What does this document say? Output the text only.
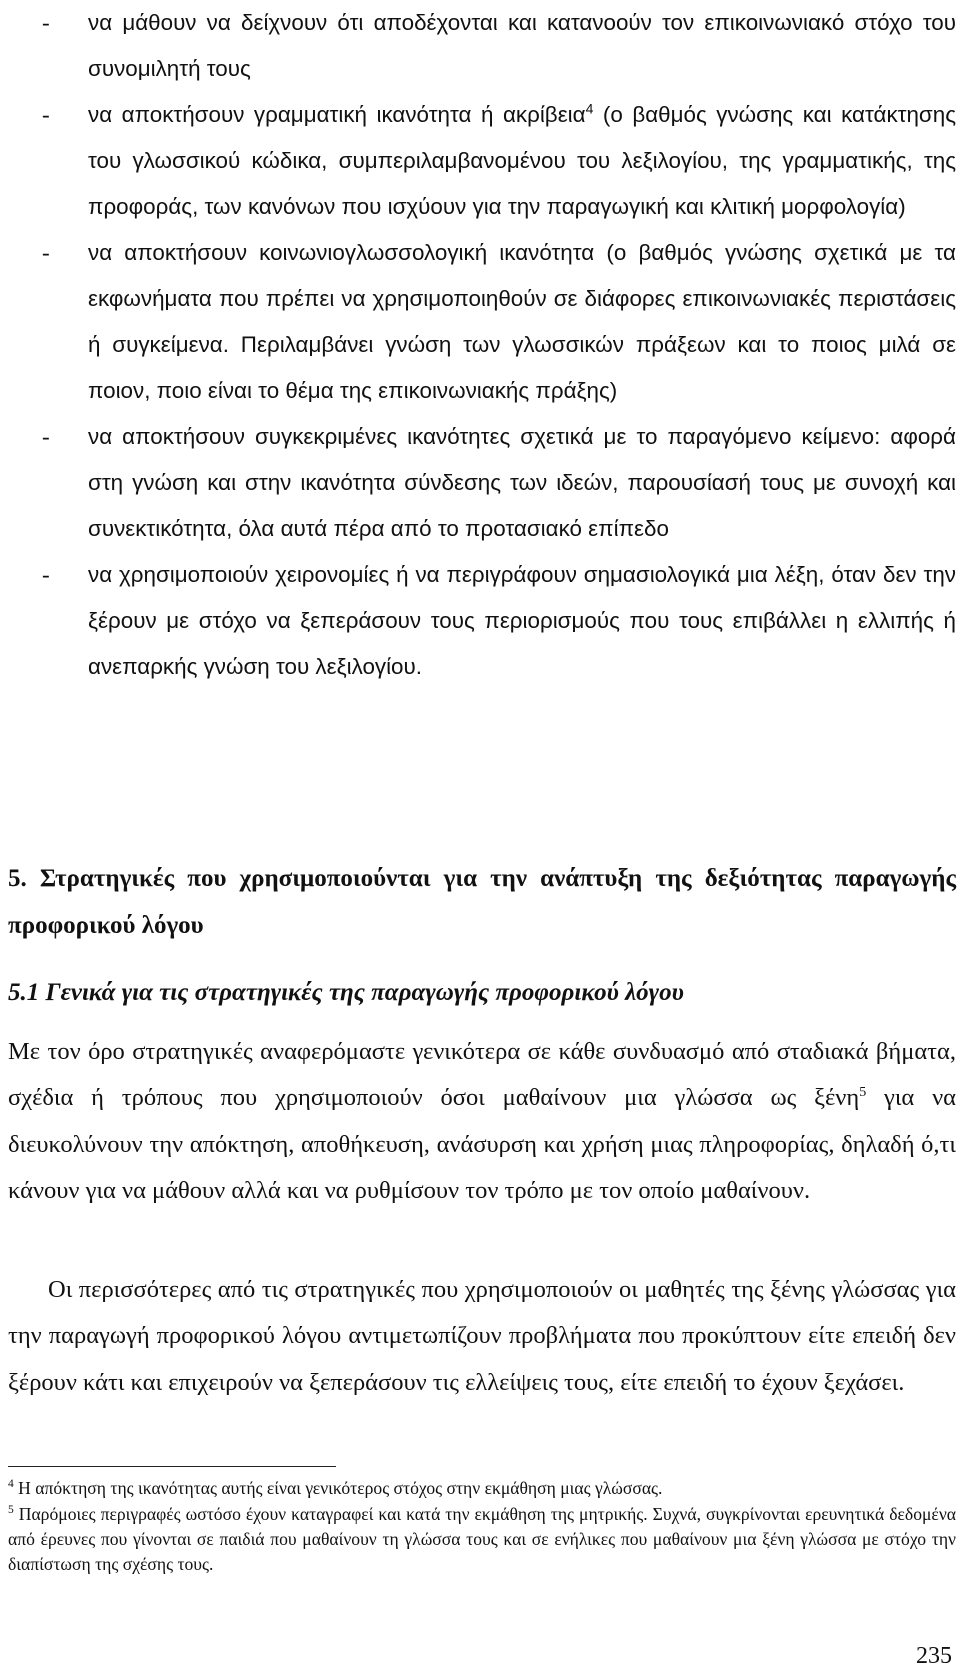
- να μάθουν να δείχνουν ότι αποδέχονται και κατανοούν τον επικοινωνιακό στόχο του συνομιλητή τους
- να αποκτήσουν γραμματική ικανότητα ή ακρίβεια$^4$ (ο βαθμός γνώσης και κατάκτησης του γλωσσικού κώδικα, συμπεριλαμβανομένου του λεξιλογίου, της γραμματικής, της προφοράς, των κανόνων που ισχύουν για την παραγωγική και κλιτική μορφολογία)
- να αποκτήσουν κοινωνιογλωσσολογική ικανότητα (ο βαθμός γνώσης σχετικά με τα εκφωνήματα που πρέπει να χρησιμοποιηθούν σε διάφορες επικοινωνιακές περιστάσεις ή συγκείμενα. Περιλαμβάνει γνώση των γλωσσικών πράξεων και το ποιος μιλά σε ποιον, ποιο είναι το θέμα της επικοινωνιακής πράξης)
- να αποκτήσουν συγκεκριμένες ικανότητες σχετικά με το παραγόμενο κείμενο: αφορά στη γνώση και στην ικανότητα σύνδεσης των ιδεών, παρουσίασή τους με συνοχή και συνεκτικότητα, όλα αυτά πέρα από το προτασιακό επίπεδο
- να χρησιμοποιούν χειρονομίες ή να περιγράφουν σημασιολογικά μια λέξη, όταν δεν την ξέρουν με στόχο να ξεπεράσουν τους περιορισμούς που τους επιβάλλει η ελλιπής ή ανεπαρκής γνώση του λεξιλογίου.
5. Στρατηγικές που χρησιμοποιούνται για την ανάπτυξη της δεξιότητας παραγωγής προφορικού λόγου
5.1 Γενικά για τις στρατηγικές της παραγωγής προφορικού λόγου

Με τον όρο στρατηγικές αναφερόμαστε γενικότερα σε κάθε συνδυασμό από σταδιακά βήματα, σχέδια ή τρόπους που χρησιμοποιούν όσοι μαθαίνουν μια γλώσσα ως ξένη$^5$ για να διευκολύνουν την απόκτηση, αποθήκευση, ανάσυρση και χρήση μιας πληροφορίας, δηλαδή ό,τι κάνουν για να μάθουν αλλά και να ρυθμίσουν τον τρόπο με τον οποίο μαθαίνουν.

Οι περισσότερες από τις στρατηγικές που χρησιμοποιούν οι μαθητές της ξένης γλώσσας για την παραγωγή προφορικού λόγου αντιμετωπίζουν προβλήματα που προκύπτουν είτε επειδή δεν ξέρουν κάτι και επιχειρούν να ξεπεράσουν τις ελλείψεις τους, είτε επειδή το έχουν ξεχάσει.

$^4$ Η απόκτηση της ικανότητας αυτής είναι γενικότερος στόχος στην εκμάθηση μιας γλώσσας.

$^5$ Παρόμοιες περιγραφές ωστόσο έχουν καταγραφεί και κατά την εκμάθηση της μητρικής. Συχνά, συγκρίνονται ερευνητικά δεδομένα από έρευνες που γίνονται σε παιδιά που μαθαίνουν τη γλώσσα τους και σε ενήλικες που μαθαίνουν μια ξένη γλώσσα με στόχο την διαπίστωση της σχέσης τους.

235
